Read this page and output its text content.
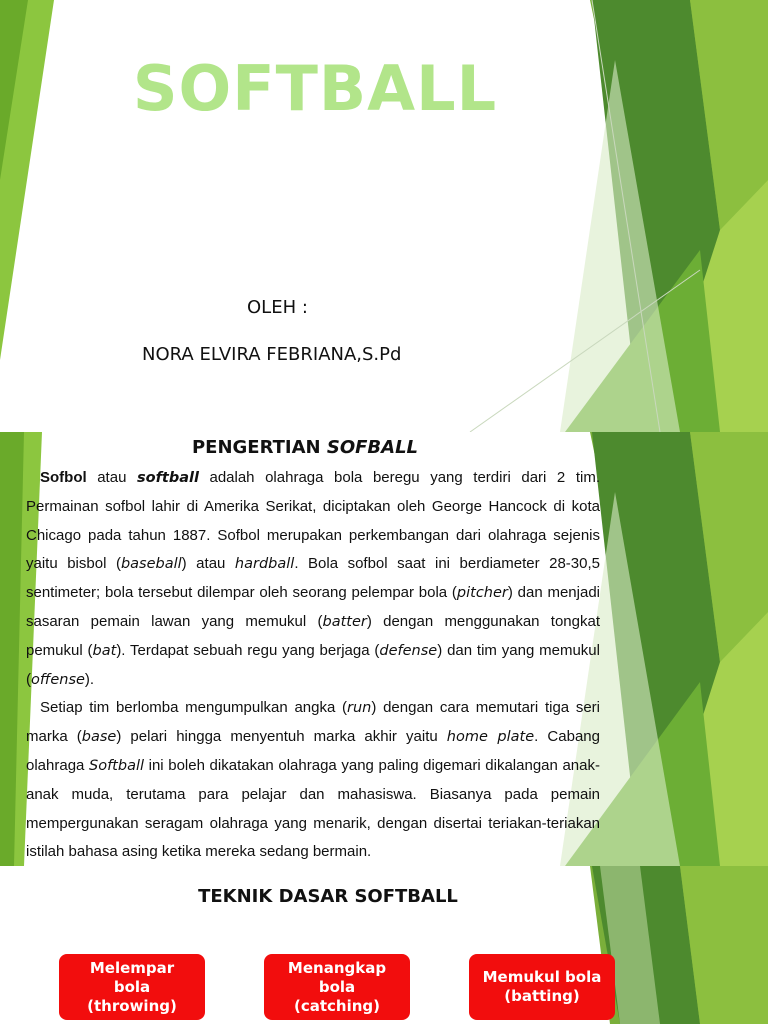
SOFTBALL
OLEH :
NORA ELVIRA FEBRIANA,S.Pd
PENGERTIAN SOFBALL

Sofbol atau softball adalah olahraga bola beregu yang terdiri dari 2 tim. Permainan sofbol lahir di Amerika Serikat, diciptakan oleh George Hancock di kota Chicago pada tahun 1887. Sofbol merupakan perkembangan dari olahraga sejenis yaitu bisbol (baseball) atau hardball. Bola sofbol saat ini berdiameter 28-30,5 sentimeter; bola tersebut dilempar oleh seorang pelempar bola (pitcher) dan menjadi sasaran pemain lawan yang memukul (batter) dengan menggunakan tongkat pemukul (bat). Terdapat sebuah regu yang berjaga (defense) dan tim yang memukul (offense).

Setiap tim berlomba mengumpulkan angka (run) dengan cara memutari tiga seri marka (base) pelari hingga menyentuh marka akhir yaitu home plate. Cabang olahraga Softball ini boleh dikatakan olahraga yang paling digemari dikalangan anak-anak muda, terutama para pelajar dan mahasiswa. Biasanya pada pemain mempergunakan seragam olahraga yang menarik, dengan disertai teriakan-teriakan istilah bahasa asing ketika mereka sedang bermain.

TEKNIK DASAR SOFTBALL
Melempar
bola
(throwing)
Menangkap
bola
(catching)
Memukul bola
(batting)
